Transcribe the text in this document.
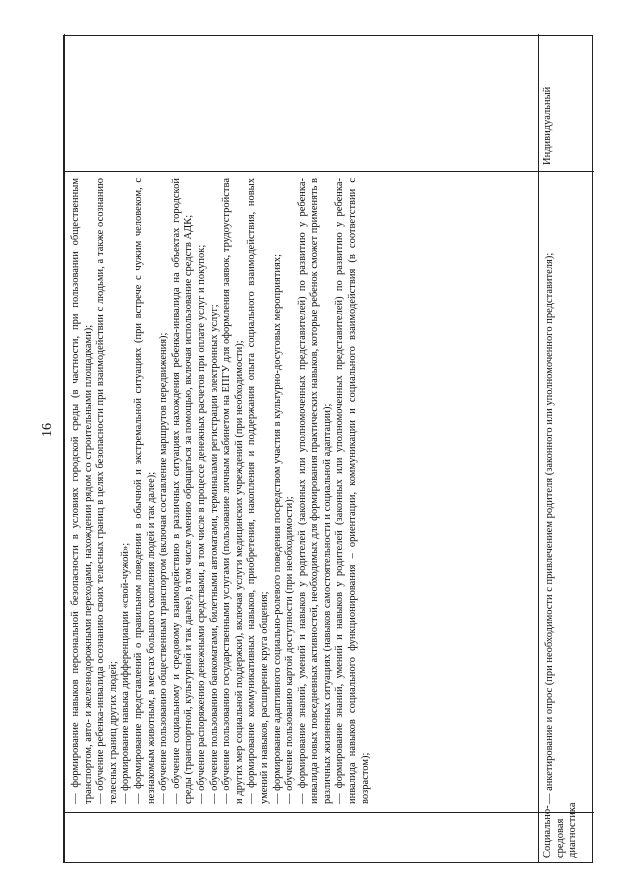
16
Социально-средовая диагностика
— формирование навыков персональной безопасности в условиях городской среды (в частности, при пользовании общественным транспортом, авто- и железнодорожными переходами, нахождении рядом со строительными площадками); — обучение ребенка-инвалида осознанию своих телесных границ в целях безопасности при взаимодействии с людьми, а также осознанию телесных границ других людей; — формирование навыка дифференциации «свой-чужой»; — формирование представлений о правильном поведении в обычной и экстремальной ситуациях (при встрече с чужим человеком, с незнакомым животным, в местах большого скопления людей и так далее); — обучение пользованию общественным транспортом (включая составление маршрутов передвижения); — обучение социальному и средовому взаимодействию в различных ситуациях нахождения ребенка-инвалида на объектах городской среды (транспортной, культурной и так далее), в том числе умению обращаться за помощью, включая использование средств АДК; — обучение распоряжению денежными средствами, в том числе в процессе денежных расчетов при оплате услуг и покупок; — обучение пользованию банкоматами, билетными автоматами, терминалами регистрации электронных услуг; — обучение пользованию государственными услугами (пользование личным кабинетом на ЕПГУ для оформления заявок, трудоустройства и других мер социальной поддержки), включая услуги медицинских учреждений (при необходимости); — формирование коммуникативных навыков, приобретения, накопления и поддержания опыта социального взаимодействия, новых умений и навыков, расширение круга общения; — формирование адаптивного социально-ролевого поведения посредством участия в культурно-досуговых мероприятиях; — обучение пользованию картой доступности (при необходимости); — формирование знаний, умений и навыков у родителей (законных или уполномоченных представителей) по развитию у ребенка-инвалида новых повседневных активностей, необходимых для формирования практических навыков, которые ребенок сможет применять в различных жизненных ситуациях (навыков самостоятельности и социальной адаптации); — формирование знаний, умений и навыков у родителей (законных или уполномоченных представителей) по развитию у ребенка-инвалида навыков социального функционирования – ориентации, коммуникации и социального взаимодействия (в соответствии с возрастом);	— анкетирование и опрос (при необходимости с привлечением родителя (законного или уполномоченного представителя);
Индивидуальный
